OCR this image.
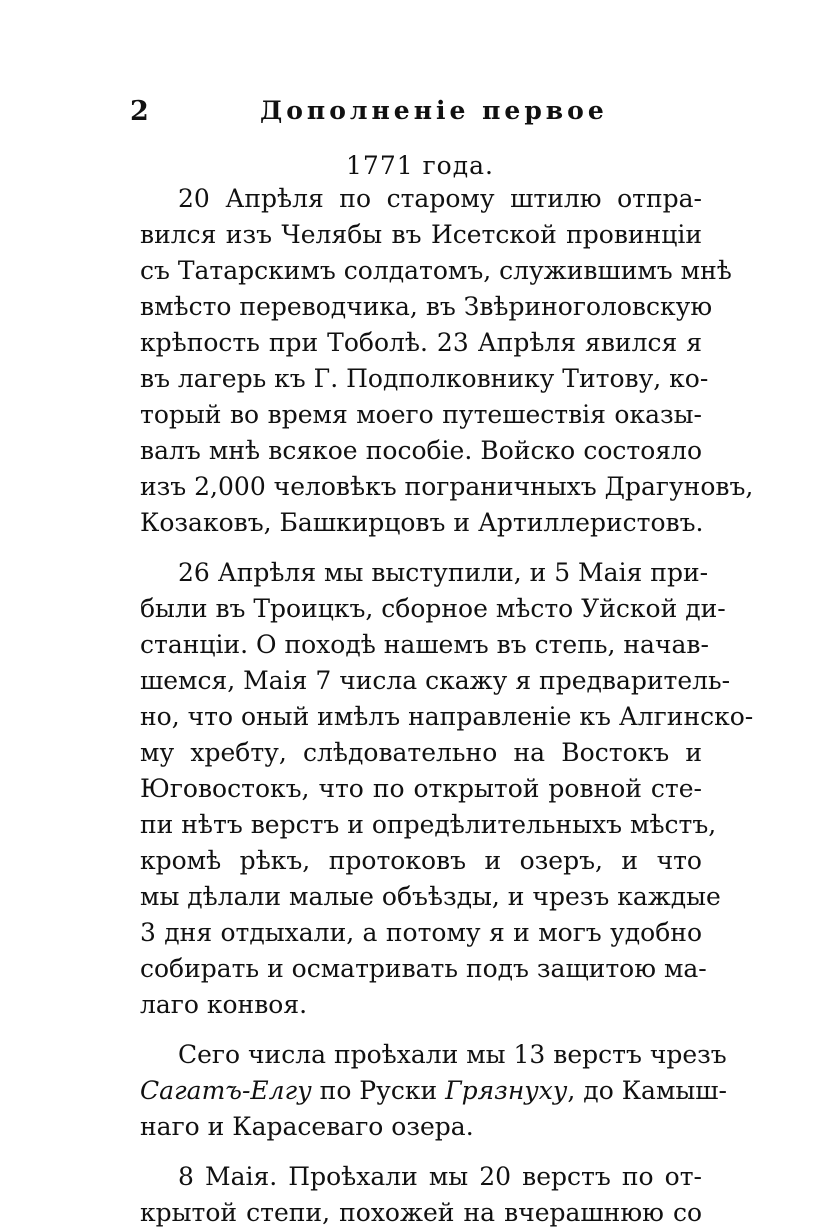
2	Дополненіе первое
1771 года.
20 Апрѣля по старому штилю отпра-
вился изъ Челябы въ Исетской провинціи
съ Татарскимъ солдатомъ, служившимъ мнѣ
вмѣсто переводчика, въ Звѣриноголовскую
крѣпость при Тоболѣ. 23 Апрѣля явился я
въ лагерь къ Г. Подполковнику Титову, ко-
торый во время моего путешествія оказы-
валъ мнѣ всякое пособіе. Войско состояло
изъ 2,000 человѣкъ пограничныхъ Драгуновъ,
Козаковъ, Башкирцовъ и Артиллеристовъ.
26 Апрѣля мы выступили, и 5 Маія при-
были въ Троицкъ, сборное мѣсто Уйской ди-
станціи. О походѣ нашемъ въ степь, начав-
шемся, Маія 7 числа скажу я предваритель-
но, что оный имѣлъ направленіе къ Алгинско-
му хребту, слѣдовательно на Востокъ и
Юговостокъ, что по открытой ровной сте-
пи нѣтъ верстъ и опредѣлительныхъ мѣстъ,
кромѣ рѣкъ, протоковъ и озеръ, и что
мы дѣлали малые объѣзды, и чрезъ каждые
3 дня отдыхали, а потому я и могъ удобно
собирать и осматривать подъ защитою ма-
лаго конвоя.
Сего числа проѣхали мы 13 верстъ чрезъ
Сагатъ-Елгу по Руски Грязнуху, до Камыш-
наго и Карасеваго озера.
8 Маія. Проѣхали мы 20 верстъ по от-
крытой степи, похожей на вчерашнюю со
